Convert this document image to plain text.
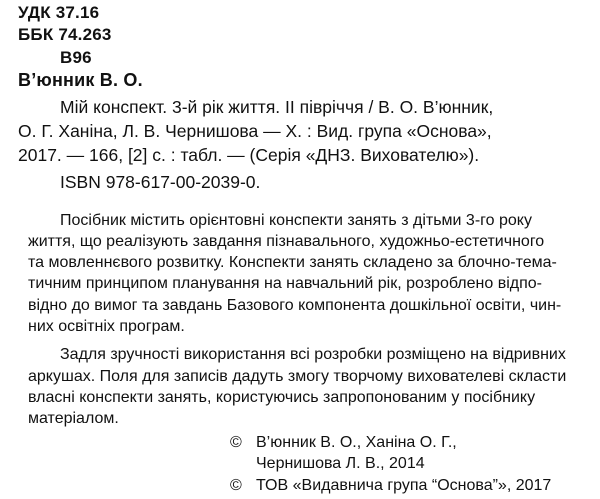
УДК 37.16
ББК 74.263
В96
В’юнник В. О.
Мій конспект. 3-й рік життя. II півріччя / В. О. В’юнник,
О. Г. Ханіна, Л. В. Чернишова — Х. : Вид. група «Основа»,
2017. — 166, [2] с. : табл. — (Серія «ДНЗ. Вихователю»).
ISBN 978-617-00-2039-0.
Посібник містить орієнтовні конспекти занять з дітьми 3-го року
життя, що реалізують завдання пізнавального, художньо-естетичного
та мовленнєвого розвитку. Конспекти занять складено за блочно-тема-
тичним принципом планування на навчальний рік, розроблено відпо-
відно до вимог та завдань Базового компонента дошкільної освіти, чин-
них освітніх програм.
Задля зручності використання всі розробки розміщено на відривних
аркушах. Поля для записів дадуть змогу творчому вихователеві скласти
власні конспекти занять, користуючись запропонованим у посібнику
матеріалом.
© В’юнник В. О., Ханіна О. Г.,
Чернишова Л. В., 2014
© ТОВ «Видавнича група “Основа”», 2017
